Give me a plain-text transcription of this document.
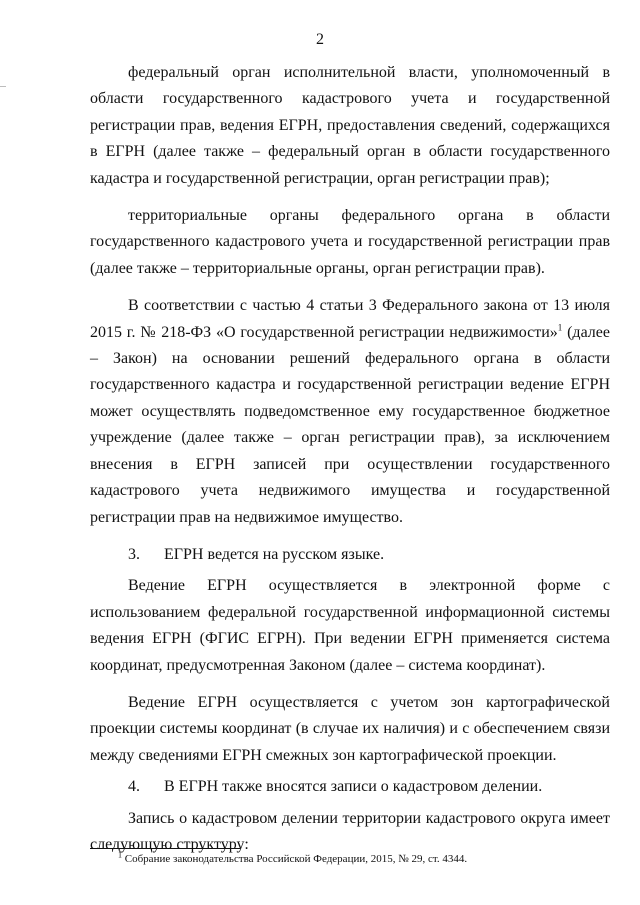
2

федеральный орган исполнительной власти, уполномоченный в области государственного кадастрового учета и государственной регистрации прав, ведения ЕГРН, предоставления сведений, содержащихся в ЕГРН (далее также – федеральный орган в области государственного кадастра и государственной регистрации, орган регистрации прав);

территориальные органы федерального органа в области государственного кадастрового учета и государственной регистрации прав (далее также – территориальные органы, орган регистрации прав).

В соответствии с частью 4 статьи 3 Федерального закона от 13 июля 2015 г. № 218-ФЗ «О государственной регистрации недвижимости»$^1$ (далее – Закон) на основании решений федерального органа в области государственного кадастра и государственной регистрации ведение ЕГРН может осуществлять подведомственное ему государственное бюджетное учреждение (далее также – орган регистрации прав), за исключением внесения в ЕГРН записей при осуществлении государственного кадастрового учета недвижимого имущества и государственной регистрации прав на недвижимое имущество.

3.      ЕГРН ведется на русском языке.

Ведение ЕГРН осуществляется в электронной форме с использованием федеральной государственной информационной системы ведения ЕГРН (ФГИС ЕГРН). При ведении ЕГРН применяется система координат, предусмотренная Законом (далее – система координат).

Ведение ЕГРН осуществляется с учетом зон картографической проекции системы координат (в случае их наличия) и с обеспечением связи между сведениями ЕГРН смежных зон картографической проекции.

4.      В ЕГРН также вносятся записи о кадастровом делении.

Запись о кадастровом делении территории кадастрового округа имеет следующую структуру:

$^1$ Собрание законодательства Российской Федерации, 2015, № 29, ст. 4344.
